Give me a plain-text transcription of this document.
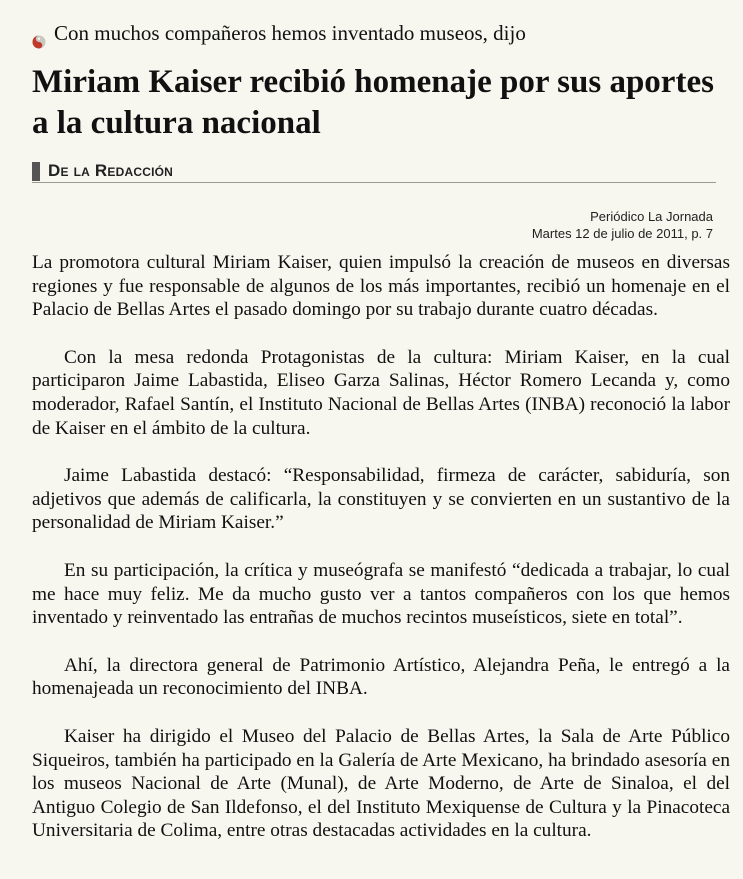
Con muchos compañeros hemos inventado museos, dijo
Miriam Kaiser recibió homenaje por sus aportes a la cultura nacional
De la Redacción
Periódico La Jornada
Martes 12 de julio de 2011, p. 7

La promotora cultural Miriam Kaiser, quien impulsó la creación de museos en diversas regiones y fue responsable de algunos de los más importantes, recibió un homenaje en el Palacio de Bellas Artes el pasado domingo por su trabajo durante cuatro décadas.

Con la mesa redonda Protagonistas de la cultura: Miriam Kaiser, en la cual participaron Jaime Labastida, Eliseo Garza Salinas, Héctor Romero Lecanda y, como moderador, Rafael Santín, el Instituto Nacional de Bellas Artes (INBA) reconoció la labor de Kaiser en el ámbito de la cultura.

Jaime Labastida destacó: “Responsabilidad, firmeza de carácter, sabiduría, son adjetivos que además de calificarla, la constituyen y se convierten en un sustantivo de la personalidad de Miriam Kaiser.”

En su participación, la crítica y museógrafa se manifestó “dedicada a trabajar, lo cual me hace muy feliz. Me da mucho gusto ver a tantos compañeros con los que hemos inventado y reinventado las entrañas de muchos recintos museísticos, siete en total”.

Ahí, la directora general de Patrimonio Artístico, Alejandra Peña, le entregó a la homenajeada un reconocimiento del INBA.

Kaiser ha dirigido el Museo del Palacio de Bellas Artes, la Sala de Arte Público Siqueiros, también ha participado en la Galería de Arte Mexicano, ha brindado asesoría en los museos Nacional de Arte (Munal), de Arte Moderno, de Arte de Sinaloa, el del Antiguo Colegio de San Ildefonso, el del Instituto Mexiquense de Cultura y la Pinacoteca Universitaria de Colima, entre otras destacadas actividades en la cultura.
